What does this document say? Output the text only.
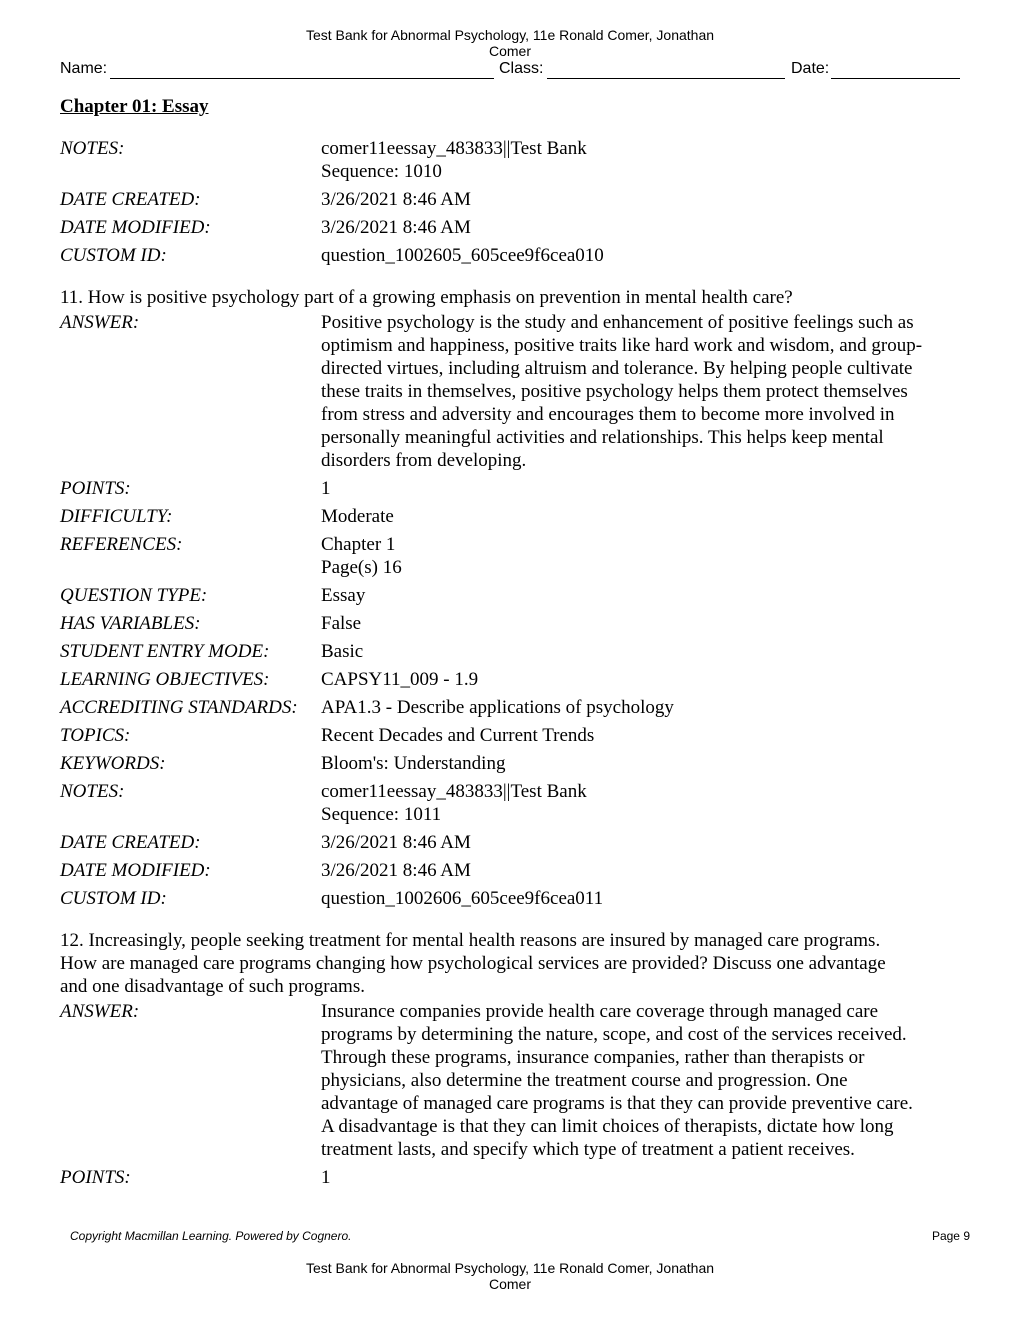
Test Bank for Abnormal Psychology, 11e Ronald Comer, Jonathan
Comer
Name:	Class:	Date:
Chapter 01: Essay
NOTES:	comer11eessay_483833||Test Bank
Sequence: 1010
DATE CREATED:	3/26/2021 8:46 AM
DATE MODIFIED:	3/26/2021 8:46 AM
CUSTOM ID:	question_1002605_605cee9f6cea010
11. How is positive psychology part of a growing emphasis on prevention in mental health care?
ANSWER:	Positive psychology is the study and enhancement of positive feelings such as
optimism and happiness, positive traits like hard work and wisdom, and group-
directed virtues, including altruism and tolerance. By helping people cultivate
these traits in themselves, positive psychology helps them protect themselves
from stress and adversity and encourages them to become more involved in
personally meaningful activities and relationships. This helps keep mental
disorders from developing.
POINTS:	1
DIFFICULTY:	Moderate
REFERENCES:	Chapter 1
Page(s) 16
QUESTION TYPE:	Essay
HAS VARIABLES:	False
STUDENT ENTRY MODE:	Basic
LEARNING OBJECTIVES:	CAPSY11_009 - 1.9
ACCREDITING STANDARDS:	APA1.3 - Describe applications of psychology
TOPICS:	Recent Decades and Current Trends
KEYWORDS:	Bloom's: Understanding
NOTES:	comer11eessay_483833||Test Bank
Sequence: 1011
DATE CREATED:	3/26/2021 8:46 AM
DATE MODIFIED:	3/26/2021 8:46 AM
CUSTOM ID:	question_1002606_605cee9f6cea011
12. Increasingly, people seeking treatment for mental health reasons are insured by managed care programs.
How are managed care programs changing how psychological services are provided? Discuss one advantage
and one disadvantage of such programs.
ANSWER:	Insurance companies provide health care coverage through managed care
programs by determining the nature, scope, and cost of the services received.
Through these programs, insurance companies, rather than therapists or
physicians, also determine the treatment course and progression. One
advantage of managed care programs is that they can provide preventive care.
A disadvantage is that they can limit choices of therapists, dictate how long
treatment lasts, and specify which type of treatment a patient receives.
POINTS:	1
Copyright Macmillan Learning. Powered by Cognero.	Page 9
Test Bank for Abnormal Psychology, 11e Ronald Comer, Jonathan
Comer
